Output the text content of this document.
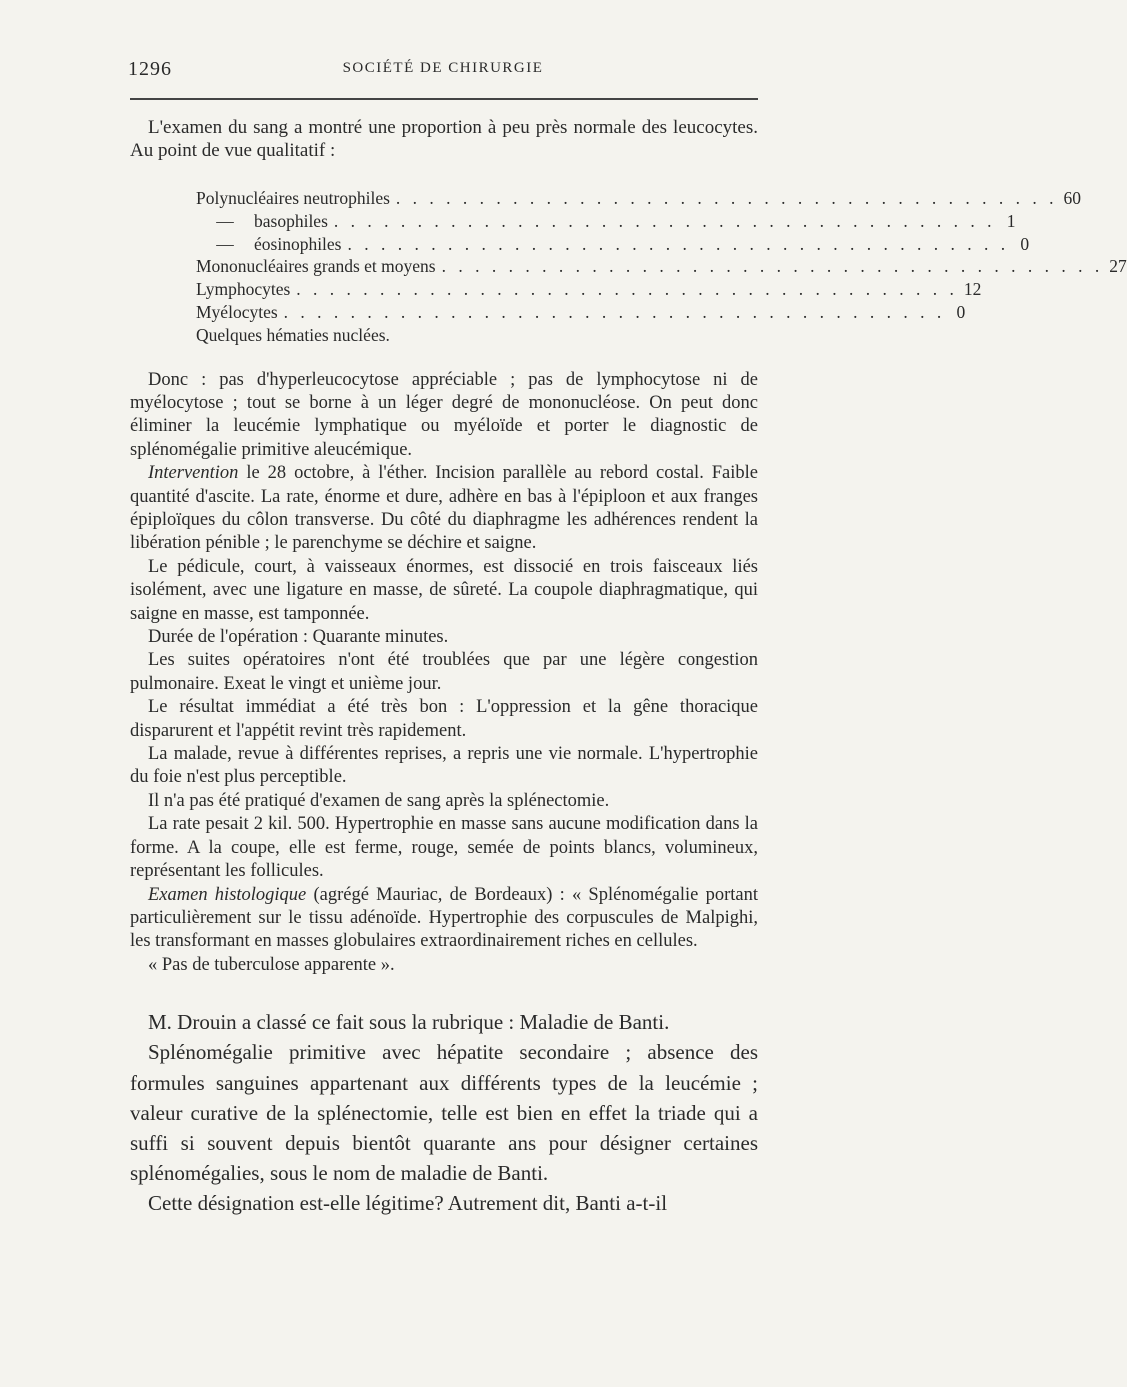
1296	SOCIÉTÉ DE CHIRURGIE

L'examen du sang a montré une proportion à peu près normale des leucocytes. Au point de vue qualitatif :

Polynucléaires neutrophiles . . . . . . . . . . . . . . . . . . . . . . . . . . . . . . . . . . . . . . . . 60
— basophiles . . . . . . . . . . . . . . . . . . . . . . . . . . . . . . . . . . . . . . . . 1
— éosinophiles . . . . . . . . . . . . . . . . . . . . . . . . . . . . . . . . . . . . . . . . 0
Mononucléaires grands et moyens . . . . . . . . . . . . . . . . . . . . . . . . . . . . . . . . . . . . . . . . 27
Lymphocytes . . . . . . . . . . . . . . . . . . . . . . . . . . . . . . . . . . . . . . . . 12
Myélocytes . . . . . . . . . . . . . . . . . . . . . . . . . . . . . . . . . . . . . . . . 0
Quelques hématies nuclées.

Donc : pas d'hyperleucocytose appréciable ; pas de lymphocytose ni de myélocytose ; tout se borne à un léger degré de mononucléose. On peut donc éliminer la leucémie lymphatique ou myéloïde et porter le diagnostic de splénomégalie primitive aleucémique.

Intervention le 28 octobre, à l'éther. Incision parallèle au rebord costal. Faible quantité d'ascite. La rate, énorme et dure, adhère en bas à l'épiploon et aux franges épiploïques du côlon transverse. Du côté du diaphragme les adhérences rendent la libération pénible ; le parenchyme se déchire et saigne.

Le pédicule, court, à vaisseaux énormes, est dissocié en trois faisceaux liés isolément, avec une ligature en masse, de sûreté. La coupole diaphragmatique, qui saigne en masse, est tamponnée.

Durée de l'opération : Quarante minutes.

Les suites opératoires n'ont été troublées que par une légère congestion pulmonaire. Exeat le vingt et unième jour.

Le résultat immédiat a été très bon : L'oppression et la gêne thoracique disparurent et l'appétit revint très rapidement.

La malade, revue à différentes reprises, a repris une vie normale. L'hypertrophie du foie n'est plus perceptible.

Il n'a pas été pratiqué d'examen de sang après la splénectomie.

La rate pesait 2 kil. 500. Hypertrophie en masse sans aucune modification dans la forme. A la coupe, elle est ferme, rouge, semée de points blancs, volumineux, représentant les follicules.

Examen histologique (agrégé Mauriac, de Bordeaux) : « Splénomégalie portant particulièrement sur le tissu adénoïde. Hypertrophie des corpuscules de Malpighi, les transformant en masses globulaires extraordinairement riches en cellules.

« Pas de tuberculose apparente ».

M. Drouin a classé ce fait sous la rubrique : Maladie de Banti.

Splénomégalie primitive avec hépatite secondaire ; absence des formules sanguines appartenant aux différents types de la leucémie ; valeur curative de la splénectomie, telle est bien en effet la triade qui a suffi si souvent depuis bientôt quarante ans pour désigner certaines splénomégalies, sous le nom de maladie de Banti.

Cette désignation est-elle légitime? Autrement dit, Banti a-t-il
